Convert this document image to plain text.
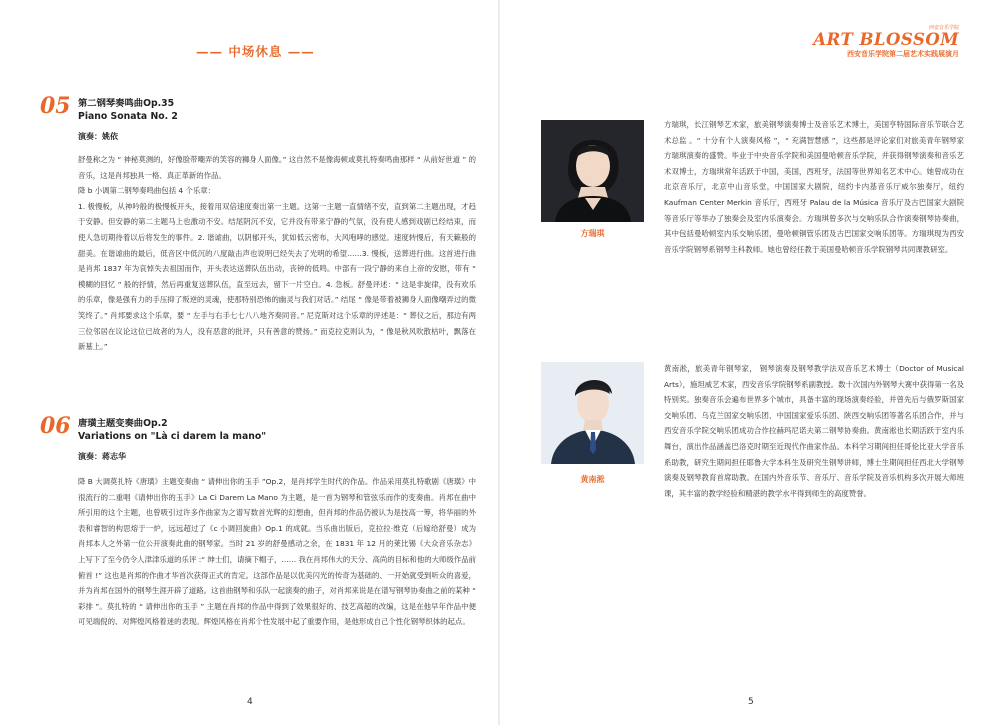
—— 中场休息 ——
05 第二钢琴奏鸣曲Op.35
Piano Sonata No. 2
演奏：姚依

舒曼称之为 “ 神秘莫测的，好像脸带嘲弄的笑容的狮身人面像。” 这自然不是像海顿或莫扎特奏鸣曲那样 “ 从前好世道 ” 的音乐，这是肖邦独具一格、真正革新的作品。

降 b 小调第二钢琴奏鸣曲包括 4 个乐章：

1. 极慢板，从神吟般的极慢板开头，接着用双倍速度奏出第一主题。这第一主题一直情绪不安，直到第二主题出现，才趋于安静。但安静的第二主题马上也激动不安。结尾阴沉不安，它并没有带来宁静的气氛，没有使人感到戏剧已经结束，而使人急切期待着以后将发生的事件。2. 谐谑曲，以阴郁开头，犹如低云密布，大风咆哮的感觉。速度转慢后，有天籁般的甜美。在谐谑曲的最后，低音区中低沉的八度敲击声也说明已经失去了光明的希望……3. 慢板，送葬进行曲。这首进行曲是肖邦 1837 年为哀悼失去祖国而作，开头表达送葬队伍出动，丧钟的低鸣。中部有一段宁静的来自上帝的安慰，带有 “ 模糊的回忆 ” 般的抒情，然后再重复送葬队伍，直至远去，留下一片空白。4. 急板。舒曼评述：“ 这是非旋律，没有欢乐的乐章，像是强有力的手压抑了叛逆的灵魂，使那特别恐怖的幽灵与我们对话。” 结尾 “ 像是带着被狮身人面像嘲弄过的微笑终了。” 肖邦要求这个乐章，要 “ 左手与右手七七八八地齐奏同音。” 尼克斯对这个乐章的评述是：“ 葬仪之后，那边有两三位邻居在议论这位已故者的为人，没有恶意的批评，只有善意的赞扬。” 而克拉克则认为，“ 像是秋风吹散枯叶，飘落在新墓上。”

06 唐璜主题变奏曲Op.2
Variations on "Là ci darem la mano"
演奏：蒋志华

降 B 大调莫扎特《唐璜》主题变奏曲 “ 请伸出你的玉手 ”Op.2，是肖邦学生时代的作品。作品采用莫扎特歌剧《唐璜》中很流行的二重唱《请伸出你的玉手》La Ci Darem La Mano 为主题，是一首为钢琴和管弦乐而作的变奏曲。肖邦在曲中所引用的这个主题，也曾吸引过许多作曲家为之谱写数首光辉的幻想曲，但肖邦的作品仍被认为是技高一筹，将华丽的外表和睿智的构思熔于一炉，远远超过了《c 小调回旋曲》Op.1 的成就。当乐曲出版后，克拉拉·维克（后嫁给舒曼）成为肖邦本人之外第一位公开演奏此曲的钢琴家。当时 21 岁的舒曼感动之余，在 1831 年 12 月的莱比锡《大众音乐杂志》上写下了至今仍令人津津乐道的乐评 :“ 绅士们，请摘下帽子，…… 我在肖邦伟大的天分、高尚的目标和他的大师级作品前俯首 !” 这也是肖邦的作曲才华首次获得正式的肯定。这部作品是以优美闪光的传奇为基础的、一开始就受到听众的喜爱，并为肖邦在国外的钢琴生涯开辟了道路。这首曲钢琴和乐队一起演奏的曲子，对肖邦来说是在谱写钢琴协奏曲之前的某种 “ 彩排 ”。莫扎特的 “ 请伸出你的玉手 ” 主题在肖邦的作品中得到了效果很好的、技艺高超的改编，这是在他早年作品中便可见端倪的、对辉煌风格着迷的表现。辉煌风格在肖邦个性发展中起了重要作用，是他形成自己个性化钢琴织体的起点。

4
西安音乐学院
ART BLOSSOM
西安音乐学院第二届艺术实践展演月
方瑞琪
方瑞琪，长江钢琴艺术家，旅美钢琴演奏博士及音乐艺术博士，美国亨特国际音乐节联合艺术总监 。“ 十分有个人演奏风格 ”，“ 充满智慧感 ”，这些都是评论家们对旅美青年钢琴家方瑞琪演奏的盛赞。毕业于中央音乐学院和美国曼哈顿音乐学院，并获得钢琴演奏和音乐艺术双博士，方瑞琪常年活跃于中国，美国，西班牙，法国等世界知名艺术中心。她曾成功在北京音乐厅，北京中山音乐堂，中国国家大剧院，纽约卡内基音乐厅威尔独奏厅，纽约 Kaufman Center Merkin 音乐厅，西班牙 Palau de la Música 音乐厅及古巴国家大剧院等音乐厅等举办了独奏会及室内乐演奏会。方瑞琪曾多次与交响乐队合作演奏钢琴协奏曲，其中包括曼哈顿室内乐交响乐团，曼哈顿铜管乐团及古巴国家交响乐团等。方瑞琪现为西安音乐学院钢琴系钢琴主科教师。她也曾经任教于美国曼哈顿音乐学院钢琴共同课教研室。
黄南淞
黄南淞，旅美青年钢琴家， 钢琴演奏及钢琴教学法双音乐艺术博士（Doctor of Musical Arts），施坦威艺术家，西安音乐学院钢琴系副教授。数十次国内外钢琴大赛中获得第一名及特别奖。独奏音乐会遍布世界多个城市，具备丰富的现场演奏经验，并曾先后与俄罗斯国家交响乐团、乌克兰国家交响乐团、中国国家爱乐乐团、陕西交响乐团等著名乐团合作，并与西安音乐学院交响乐团成功合作拉赫玛尼诺夫第二钢琴协奏曲。黄南淞也长期活跃于室内乐舞台，演出作品涵盖巴洛克时期至近现代作曲家作品。本科学习期间担任哥伦比亚大学音乐系助教，研究生期间担任耶鲁大学本科生及研究生钢琴讲师，博士生期间担任西北大学钢琴演奏及钢琴教育首席助教。在国内外音乐节、音乐厅、音乐学院及音乐机构多次开展大师班课，其丰富的教学经验和精湛的教学水平得到师生的高度赞誉。
5
